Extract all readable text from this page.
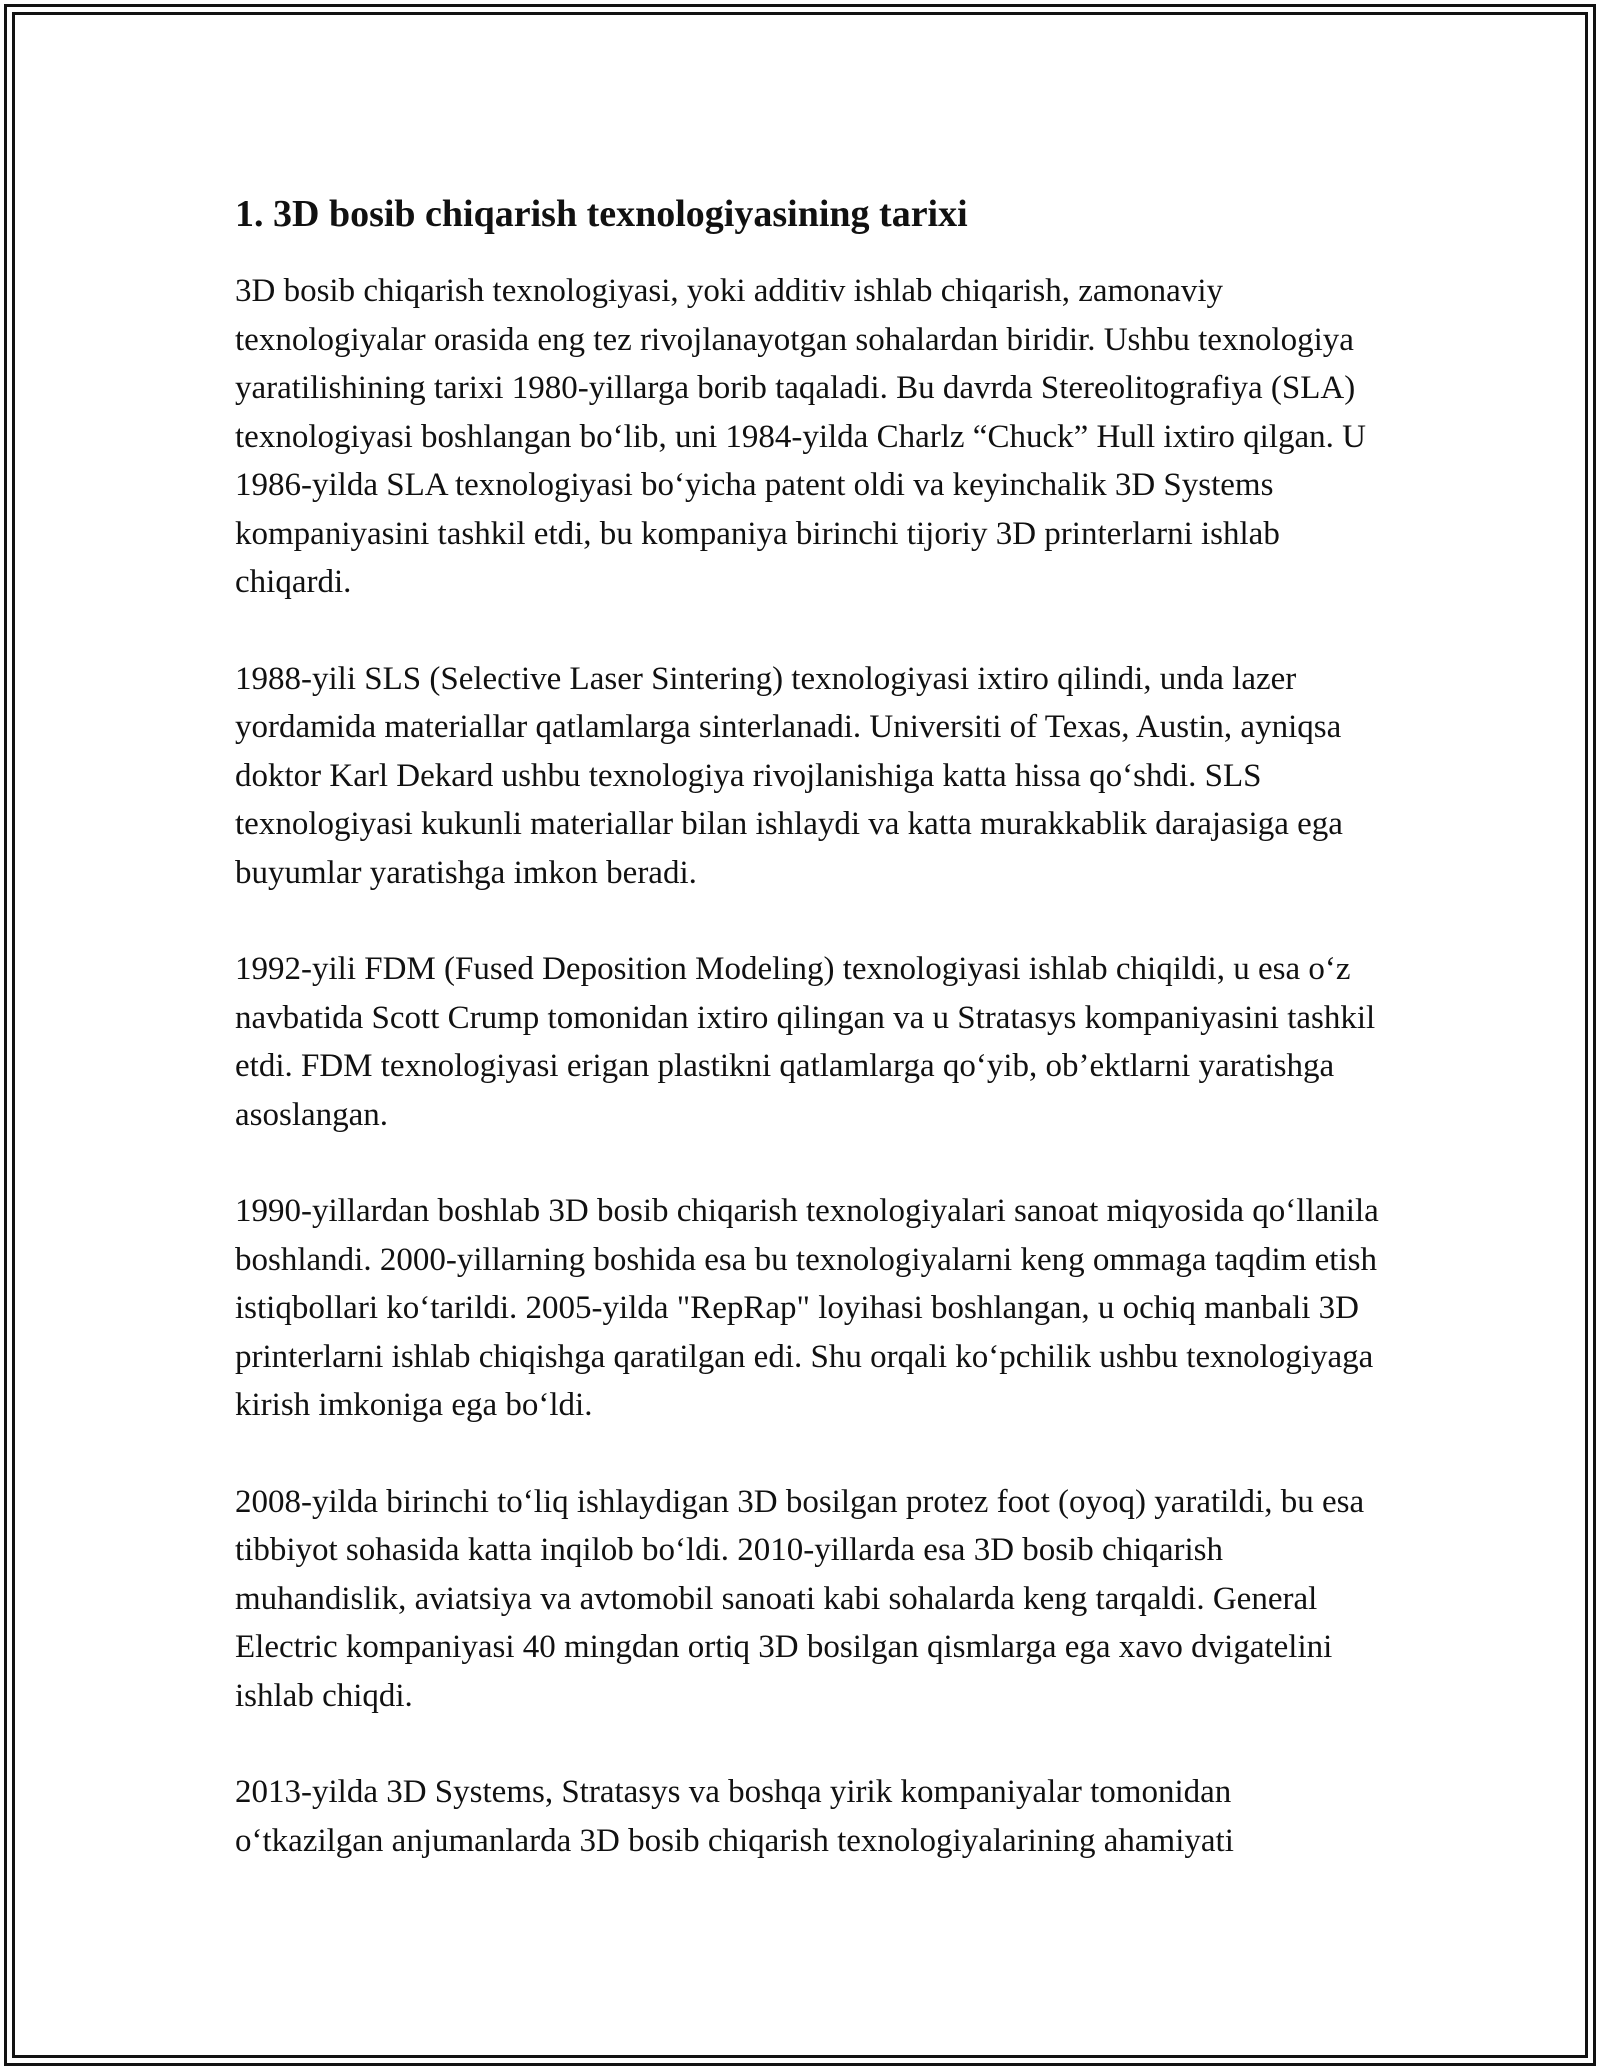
1. 3D bosib chiqarish texnologiyasining tarixi

3D bosib chiqarish texnologiyasi, yoki additiv ishlab chiqarish, zamonaviy texnologiyalar orasida eng tez rivojlanayotgan sohalardan biridir. Ushbu texnologiya yaratilishining tarixi 1980-yillarga borib taqaladi. Bu davrda Stereolitografiya (SLA) texnologiyasi boshlangan bo‘lib, uni 1984-yilda Charlz “Chuck” Hull ixtiro qilgan. U 1986-yilda SLA texnologiyasi bo‘yicha patent oldi va keyinchalik 3D Systems kompaniyasini tashkil etdi, bu kompaniya birinchi tijoriy 3D printerlarni ishlab chiqardi.

1988-yili SLS (Selective Laser Sintering) texnologiyasi ixtiro qilindi, unda lazer yordamida materiallar qatlamlarga sinterlanadi. Universiti of Texas, Austin, ayniqsa doktor Karl Dekard ushbu texnologiya rivojlanishiga katta hissa qo‘shdi. SLS texnologiyasi kukunli materiallar bilan ishlaydi va katta murakkablik darajasiga ega buyumlar yaratishga imkon beradi.

1992-yili FDM (Fused Deposition Modeling) texnologiyasi ishlab chiqildi, u esa o‘z navbatida Scott Crump tomonidan ixtiro qilingan va u Stratasys kompaniyasini tashkil etdi. FDM texnologiyasi erigan plastikni qatlamlarga qo‘yib, ob’ektlarni yaratishga asoslangan.

1990-yillardan boshlab 3D bosib chiqarish texnologiyalari sanoat miqyosida qo‘llanila boshlandi. 2000-yillarning boshida esa bu texnologiyalarni keng ommaga taqdim etish istiqbollari ko‘tarildi. 2005-yilda "RepRap" loyihasi boshlangan, u ochiq manbali 3D printerlarni ishlab chiqishga qaratilgan edi. Shu orqali ko‘pchilik ushbu texnologiyaga kirish imkoniga ega bo‘ldi.

2008-yilda birinchi to‘liq ishlaydigan 3D bosilgan protez foot (oyoq) yaratildi, bu esa tibbiyot sohasida katta inqilob bo‘ldi. 2010-yillarda esa 3D bosib chiqarish muhandislik, aviatsiya va avtomobil sanoati kabi sohalarda keng tarqaldi. General Electric kompaniyasi 40 mingdan ortiq 3D bosilgan qismlarga ega xavo dvigatelini ishlab chiqdi.

2013-yilda 3D Systems, Stratasys va boshqa yirik kompaniyalar tomonidan o‘tkazilgan anjumanlarda 3D bosib chiqarish texnologiyalarining ahamiyati
